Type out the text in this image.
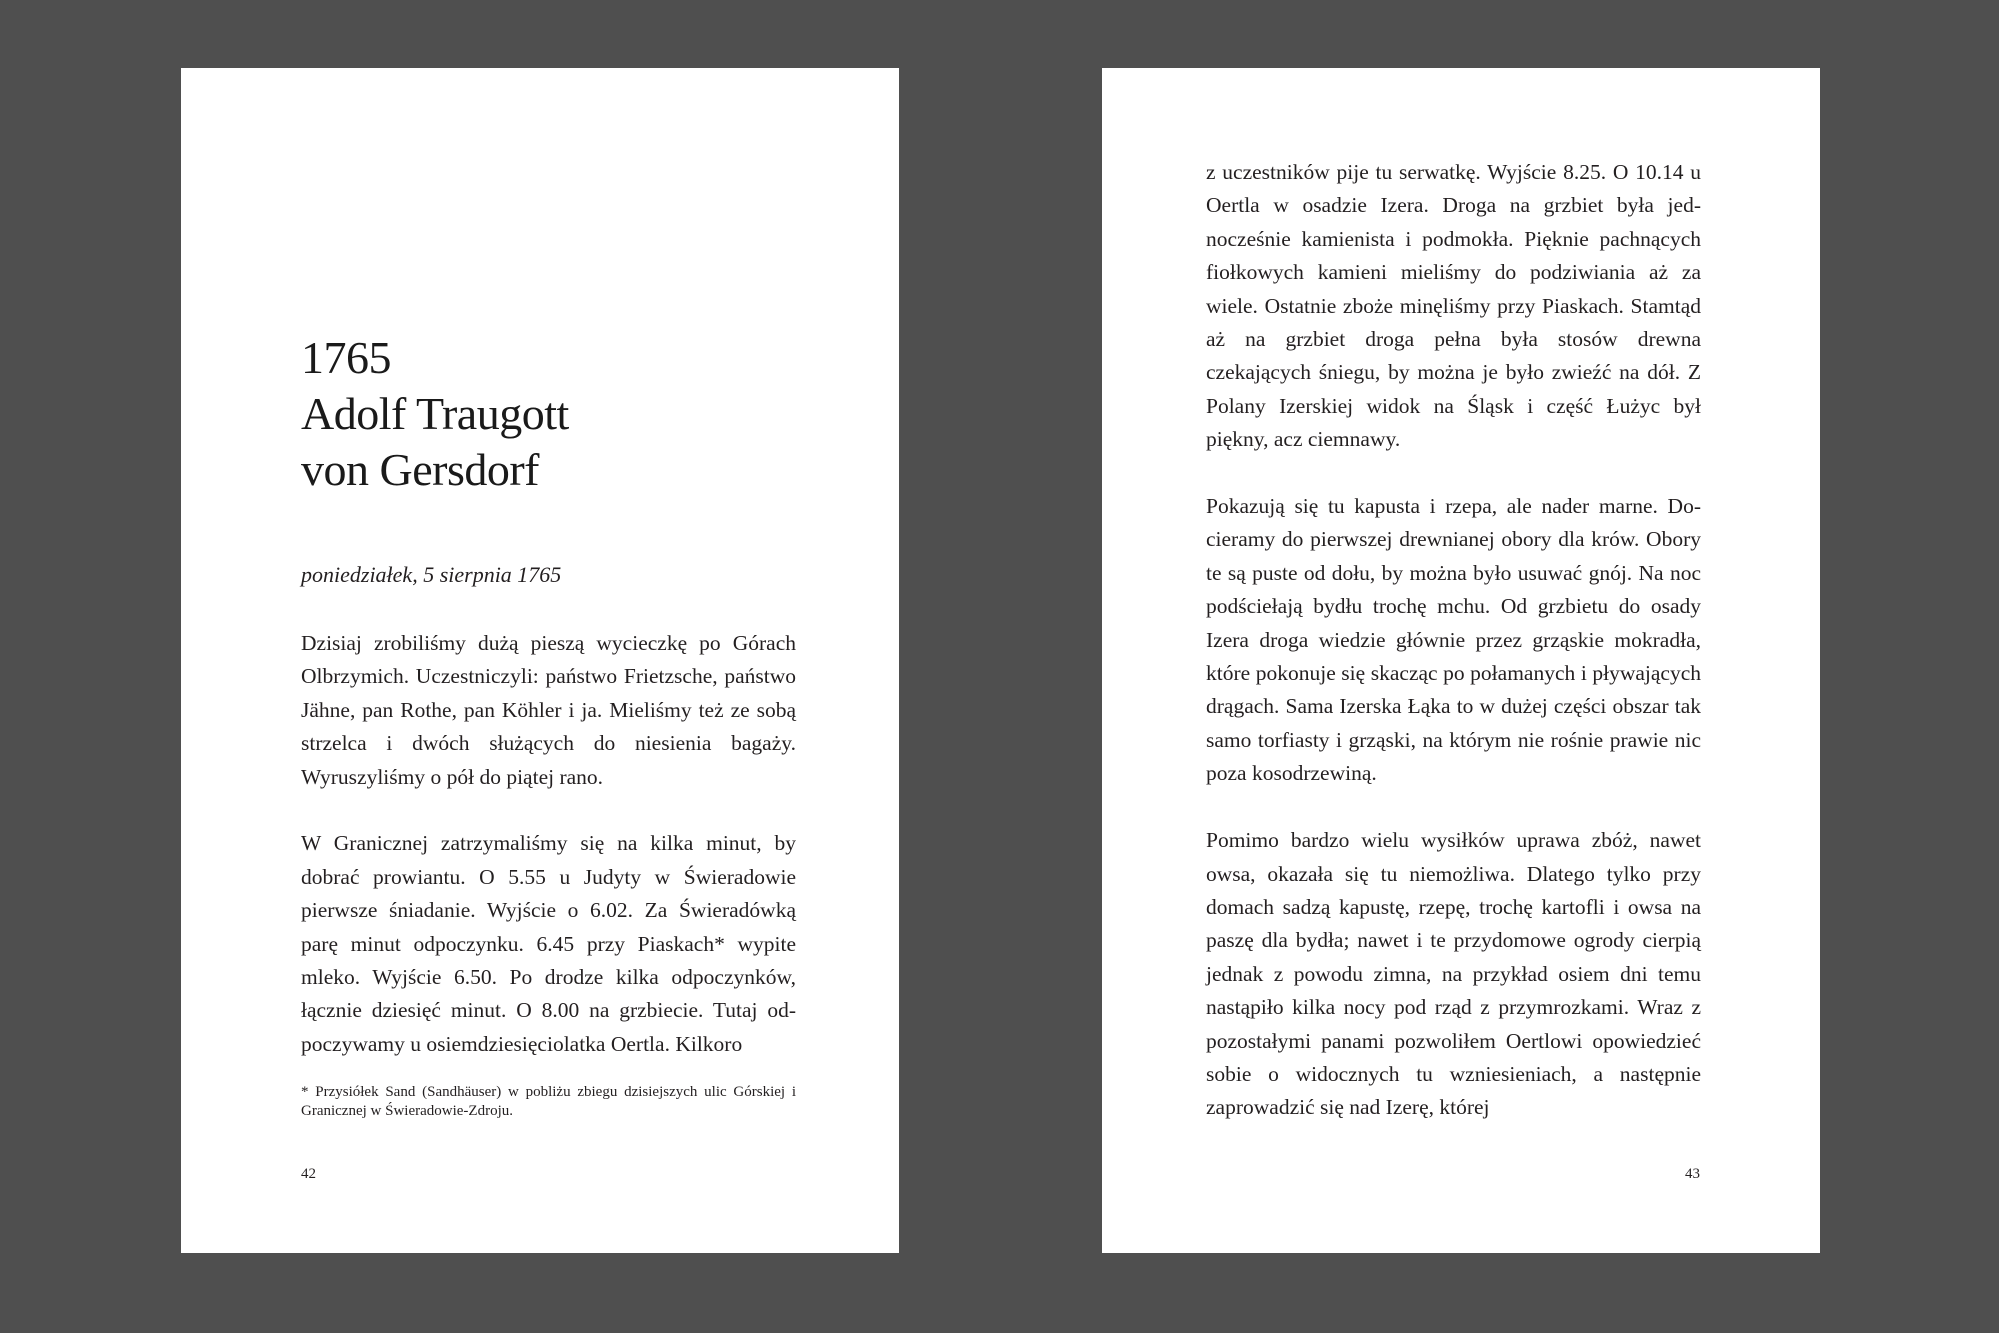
1765
Adolf Traugott
von Gersdorf

poniedziałek, 5 sierpnia 1765

Dzisiaj zrobiliśmy dużą pieszą wycieczkę po Górach Olbrzymich. Uczestniczyli: państwo Frietzsche, państwo Jähne, pan Rothe, pan Köhler i ja. Mieliśmy też ze sobą strzelca i dwóch służących do niesienia bagaży. Wyruszyliśmy o pół do piątej rano.

W Granicznej zatrzymaliśmy się na kilka minut, by dobrać prowiantu. O 5.55 u Judyty w Świeradowie pierwsze śniadanie. Wyjście o 6.02. Za Świeradówką parę minut odpoczynku. 6.45 przy Piaskach* wypite mleko. Wyjście 6.50. Po drodze kilka odpoczynków, łącznie dziesięć minut. O 8.00 na grzbiecie. Tutaj odpoczywamy u osiemdziesięciolatka Oertla. Kilkoro

* Przysiółek Sand (Sandhäuser) w pobliżu zbiegu dzisiejszych ulic Górskiej i Granicznej w Świeradowie-Zdroju.

42

z uczestników pije tu serwatkę. Wyjście 8.25. O 10.14 u Oertla w osadzie Izera. Droga na grzbiet była jednocześnie kamienista i podmokła. Pięknie pachnących fiołkowych kamieni mieliśmy do podziwiania aż za wiele. Ostatnie zboże minęliśmy przy Piaskach. Stamtąd aż na grzbiet droga pełna była stosów drewna czekających śniegu, by można je było zwieźć na dół. Z Polany Izerskiej widok na Śląsk i część Łużyc był piękny, acz ciemnawy.

Pokazują się tu kapusta i rzepa, ale nader marne. Docieramy do pierwszej drewnianej obory dla krów. Obory te są puste od dołu, by można było usuwać gnój. Na noc podściełają bydłu trochę mchu. Od grzbietu do osady Izera droga wiedzie głównie przez grząskie mokradła, które pokonuje się skacząc po połamanych i pływających drągach. Sama Izerska Łąka to w dużej części obszar tak samo torfiasty i grząski, na którym nie rośnie prawie nic poza kosodrzewiną.

Pomimo bardzo wielu wysiłków uprawa zbóż, nawet owsa, okazała się tu niemożliwa. Dlatego tylko przy domach sadzą kapustę, rzepę, trochę kartofli i owsa na paszę dla bydła; nawet i te przydomowe ogrody cierpią jednak z powodu zimna, na przykład osiem dni temu nastąpiło kilka nocy pod rząd z przymrozkami. Wraz z pozostałymi panami pozwoliłem Oertlowi opowiedzieć sobie o widocznych tu wzniesieniach, a następnie zaprowadzić się nad Izerę, której

43
